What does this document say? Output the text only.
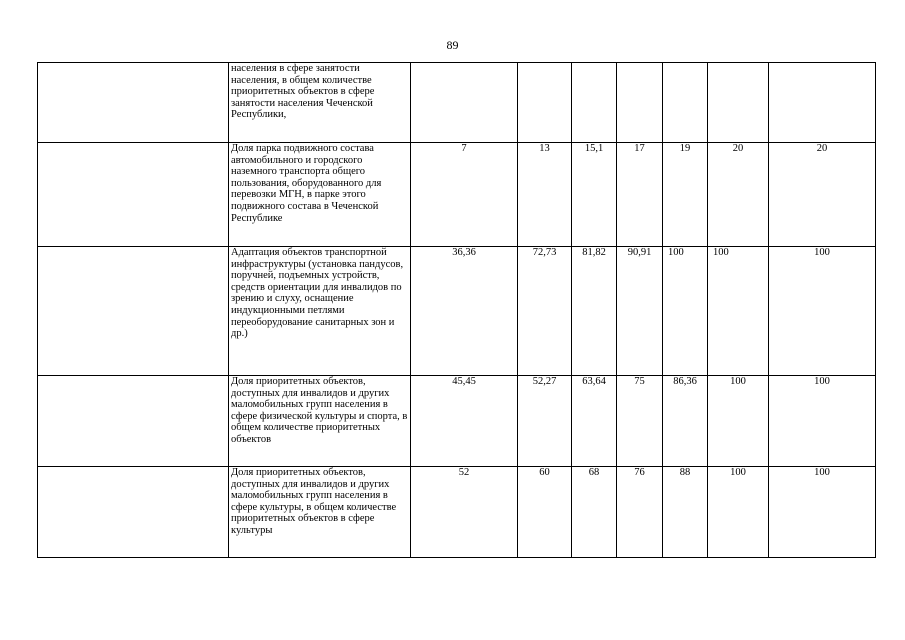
89
	населения в сфере занятости населения, в общем количестве приоритетных объектов в сфере занятости населения Чеченской Республики,							
	Доля парка подвижного состава автомобильного и городского наземного транспорта общего пользования, оборудованного для перевозки МГН, в парке этого подвижного состава в Чеченской Республике	7	13	15,1	17	19	20	20
	Адаптация объектов транспортной инфраструктуры (установка пандусов, поручней, подъемных устройств, средств ориентации для инвалидов по зрению и слуху, оснащение индукционными петлями переоборудование санитарных зон и др.)	36,36	72,73	81,82	90,91	100	100	100
	Доля приоритетных объектов, доступных для инвалидов и других маломобильных групп населения в сфере физической культуры и спорта, в общем количестве приоритетных объектов	45,45	52,27	63,64	75	86,36	100	100
	Доля приоритетных объектов, доступных для инвалидов и других маломобильных групп населения в сфере культуры, в общем количестве приоритетных объектов в сфере культуры	52	60	68	76	88	100	100
